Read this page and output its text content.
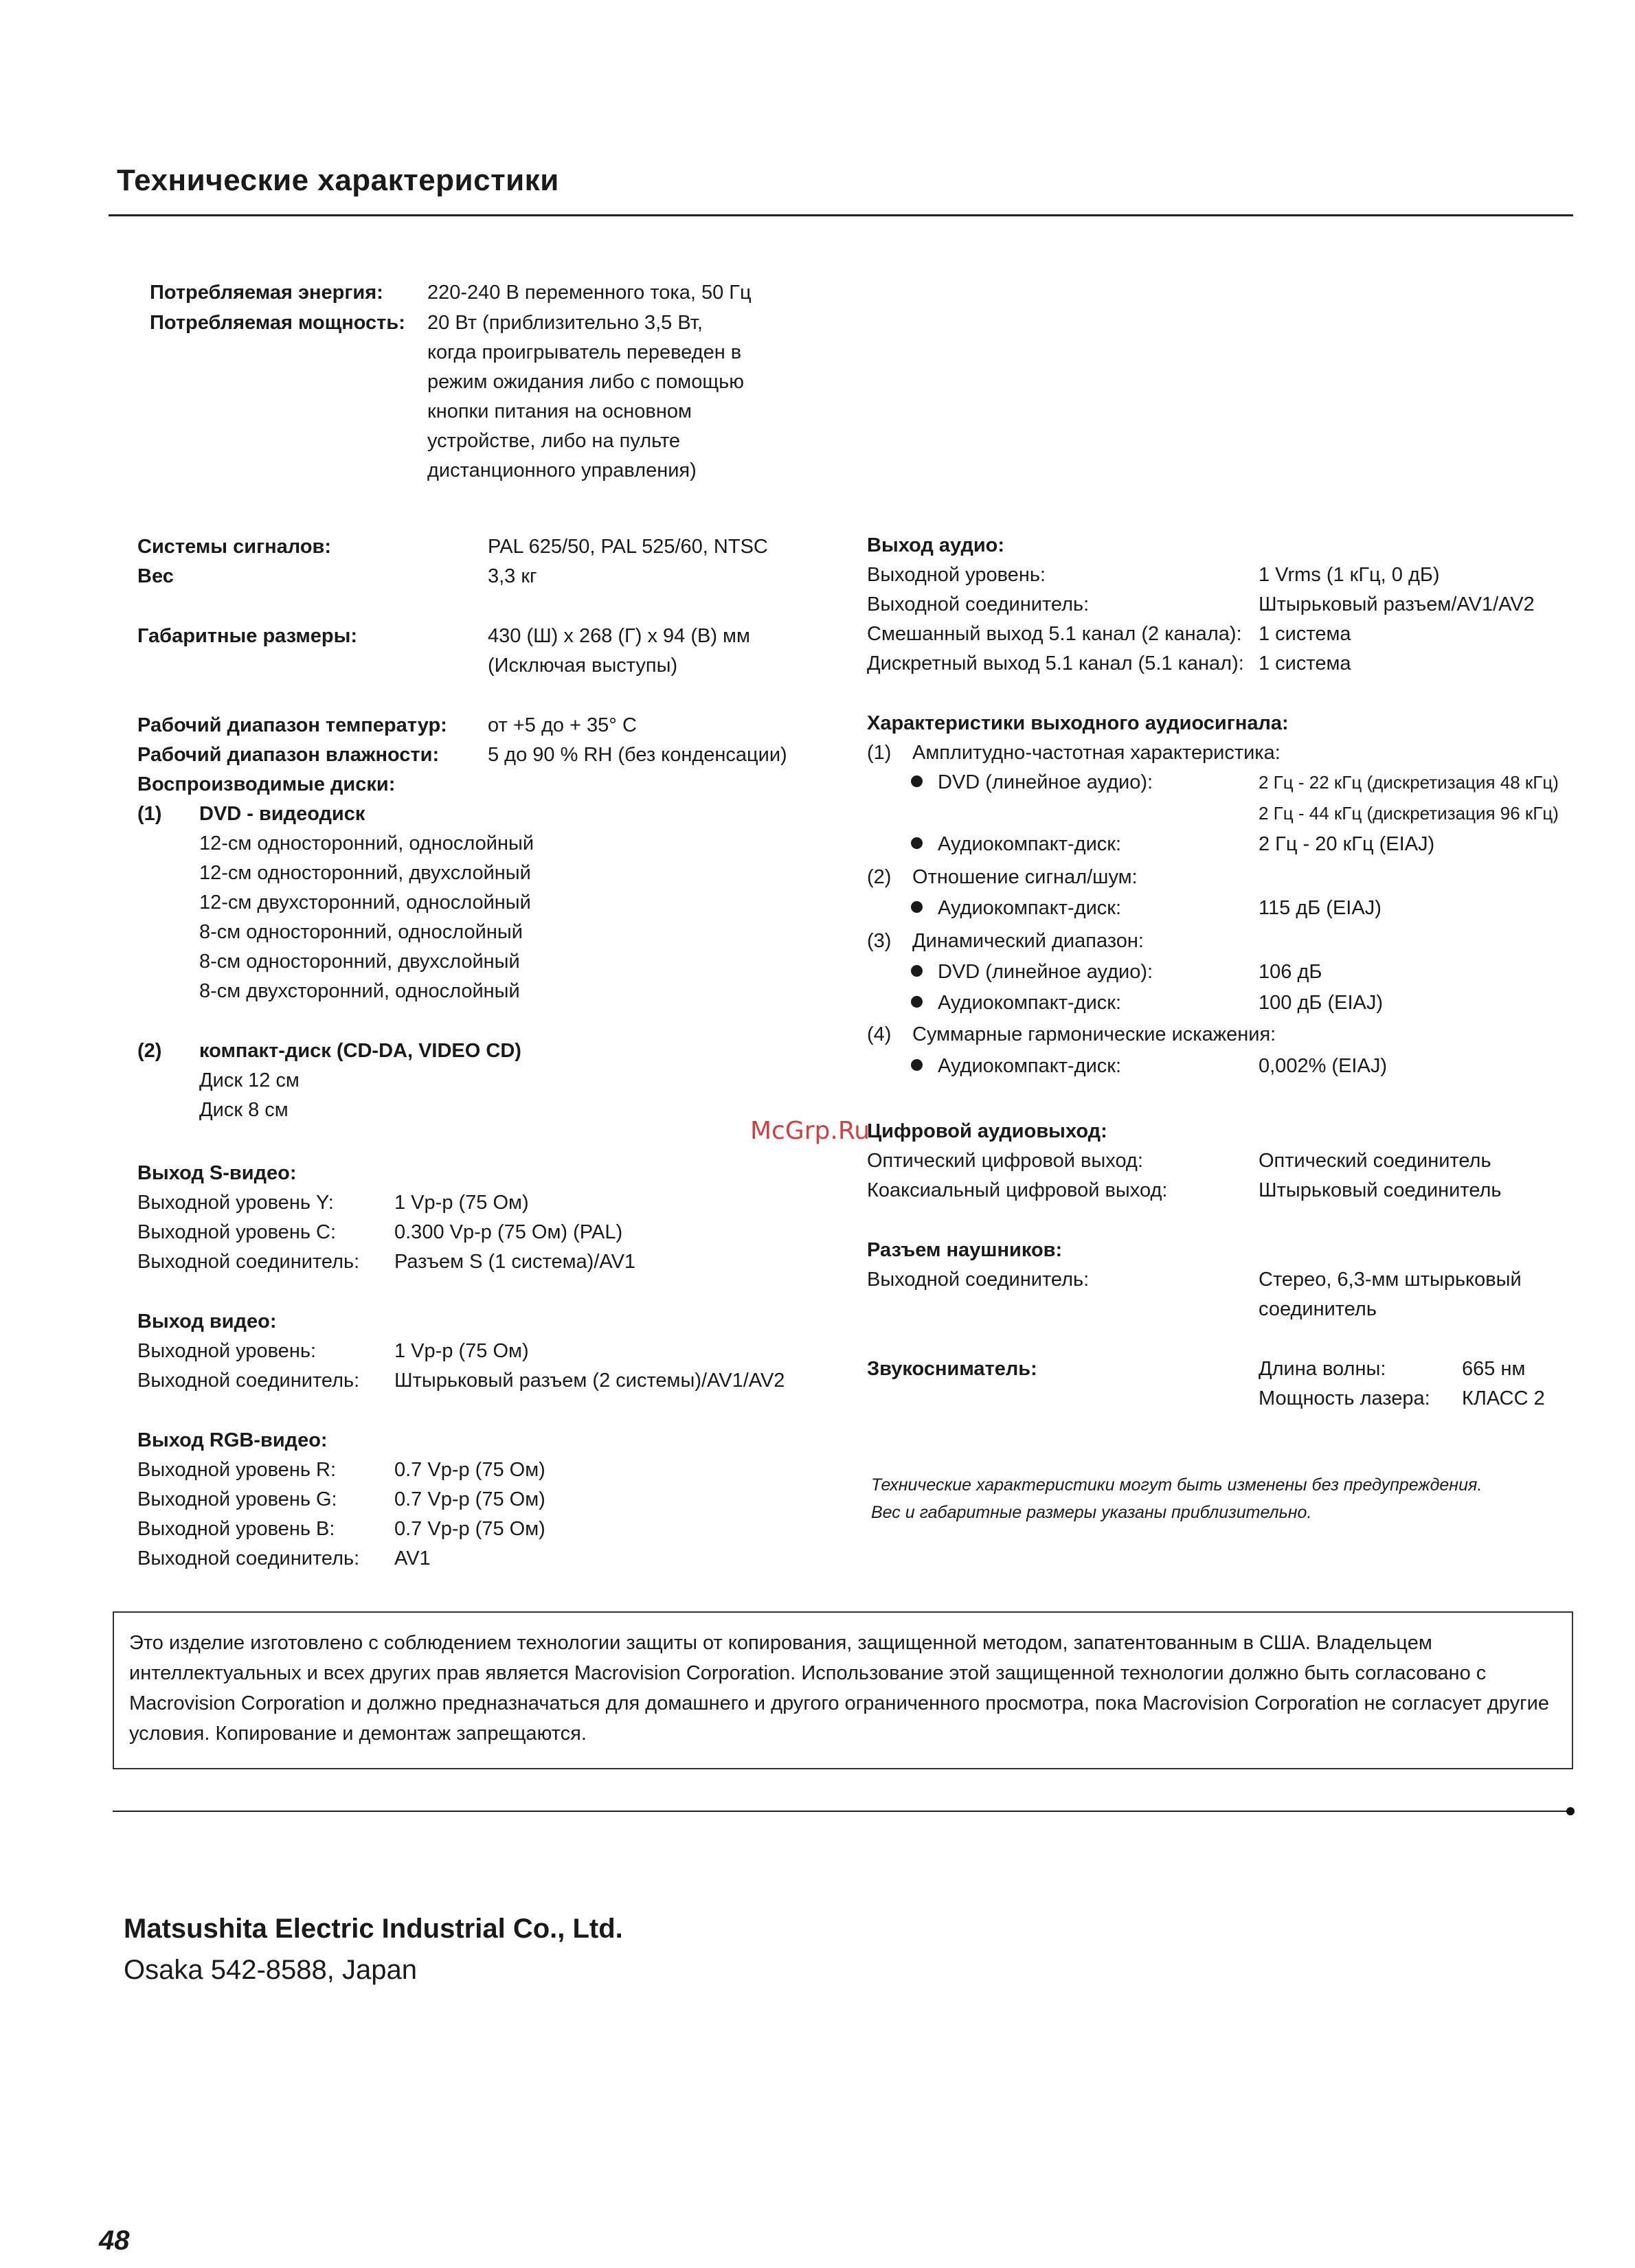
Технические характеристики
Потребляемая энергия: 220-240 В переменного тока, 50 Гц
Потребляемая мощность: 20 Вт (приблизительно 3,5 Вт,
когда проигрыватель переведен в
режим ожидания либо с помощью
кнопки питания на основном
устройстве, либо на пульте
дистанционного управления)
Системы сигналов:	PAL 625/50, PAL 525/60, NTSC
Вес	3,3 кг
Габаритные размеры:	430 (Ш) x 268 (Г) x 94 (В) мм
(Исключая выступы)
Рабочий диапазон температур: от +5 до + 35° С
Рабочий диапазон влажности: 5 до 90 % RH (без конденсации)
Воспроизводимые диски:
(1) DVD - видеодиск
12-см односторонний, однослойный
12-см односторонний, двухслойный
12-см двухсторонний, однослойный
8-см односторонний, однослойный
8-см односторонний, двухслойный
8-см двухсторонний, однослойный
(2) компакт-диск (CD-DA, VIDEO CD)
Диск 12 см
Диск 8 см
Выход S-видео:
Выходной уровень Y:	1 Vp-p (75 Ом)
Выходной уровень C:	0.300 Vp-p (75 Ом) (PAL)
Выходной соединитель: Разъем S (1 система)/AV1
Выход видео:
Выходной уровень:	1 Vp-p (75 Ом)
Выходной соединитель: Штырьковый разъем (2 системы)/AV1/AV2
Выход RGB-видео:
Выходной уровень R:	0.7 Vp-p (75 Ом)
Выходной уровень G:	0.7 Vp-p (75 Ом)
Выходной уровень B:	0.7 Vp-p (75 Ом)
Выходной соединитель: AV1
Выход аудио:
Выходной уровень:	1 Vrms (1 кГц, 0 дБ)
Выходной соединитель:	Штырьковый разъем/AV1/AV2
Смешанный выход 5.1 канал (2 канала): 1 система
Дискретный выход 5.1 канал (5.1 канал): 1 система
Характеристики выходного аудиосигнала:
(1) Амплитудно-частотная характеристика:
DVD (линейное аудио):	2 Гц - 22 кГц (дискретизация 48 кГц)
2 Гц - 44 кГц (дискретизация 96 кГц)
Аудиокомпакт-диск:	2 Гц - 20 кГц (EIAJ)
(2) Отношение сигнал/шум:
Аудиокомпакт-диск:	115 дБ (EIAJ)
(3) Динамический диапазон:
DVD (линейное аудио):	106 дБ
Аудиокомпакт-диск:	100 дБ (EIAJ)
(4) Суммарные гармонические искажения:
Аудиокомпакт-диск:	0,002% (EIAJ)
Цифровой аудиовыход:
Оптический цифровой выход:	Оптический соединитель
Коаксиальный цифровой выход:	Штырьковый соединитель
Разъем наушников:
Выходной соединитель:	Стерео, 6,3-мм штырьковый
соединитель
Звукосниматель:	Длина волны:	665 нм
Мощность лазера: КЛАСС 2
Технические характеристики могут быть изменены без предупреждения.
Вес и габаритные размеры указаны приблизительно.
McGrp.Ru
Это изделие изготовлено с соблюдением технологии защиты от копирования, защищенной методом, запатентованным в США. Владельцем интеллектуальных и всех других прав является Macrovision Corporation. Использование этой защищенной технологии должно быть согласовано с Macrovision Corporation и должно предназначаться для домашнего и другого ограниченного просмотра, пока Macrovision Corporation не согласует другие условия. Копирование и демонтаж запрещаются.
Matsushita Electric Industrial Co., Ltd.
Osaka 542-8588, Japan
48
